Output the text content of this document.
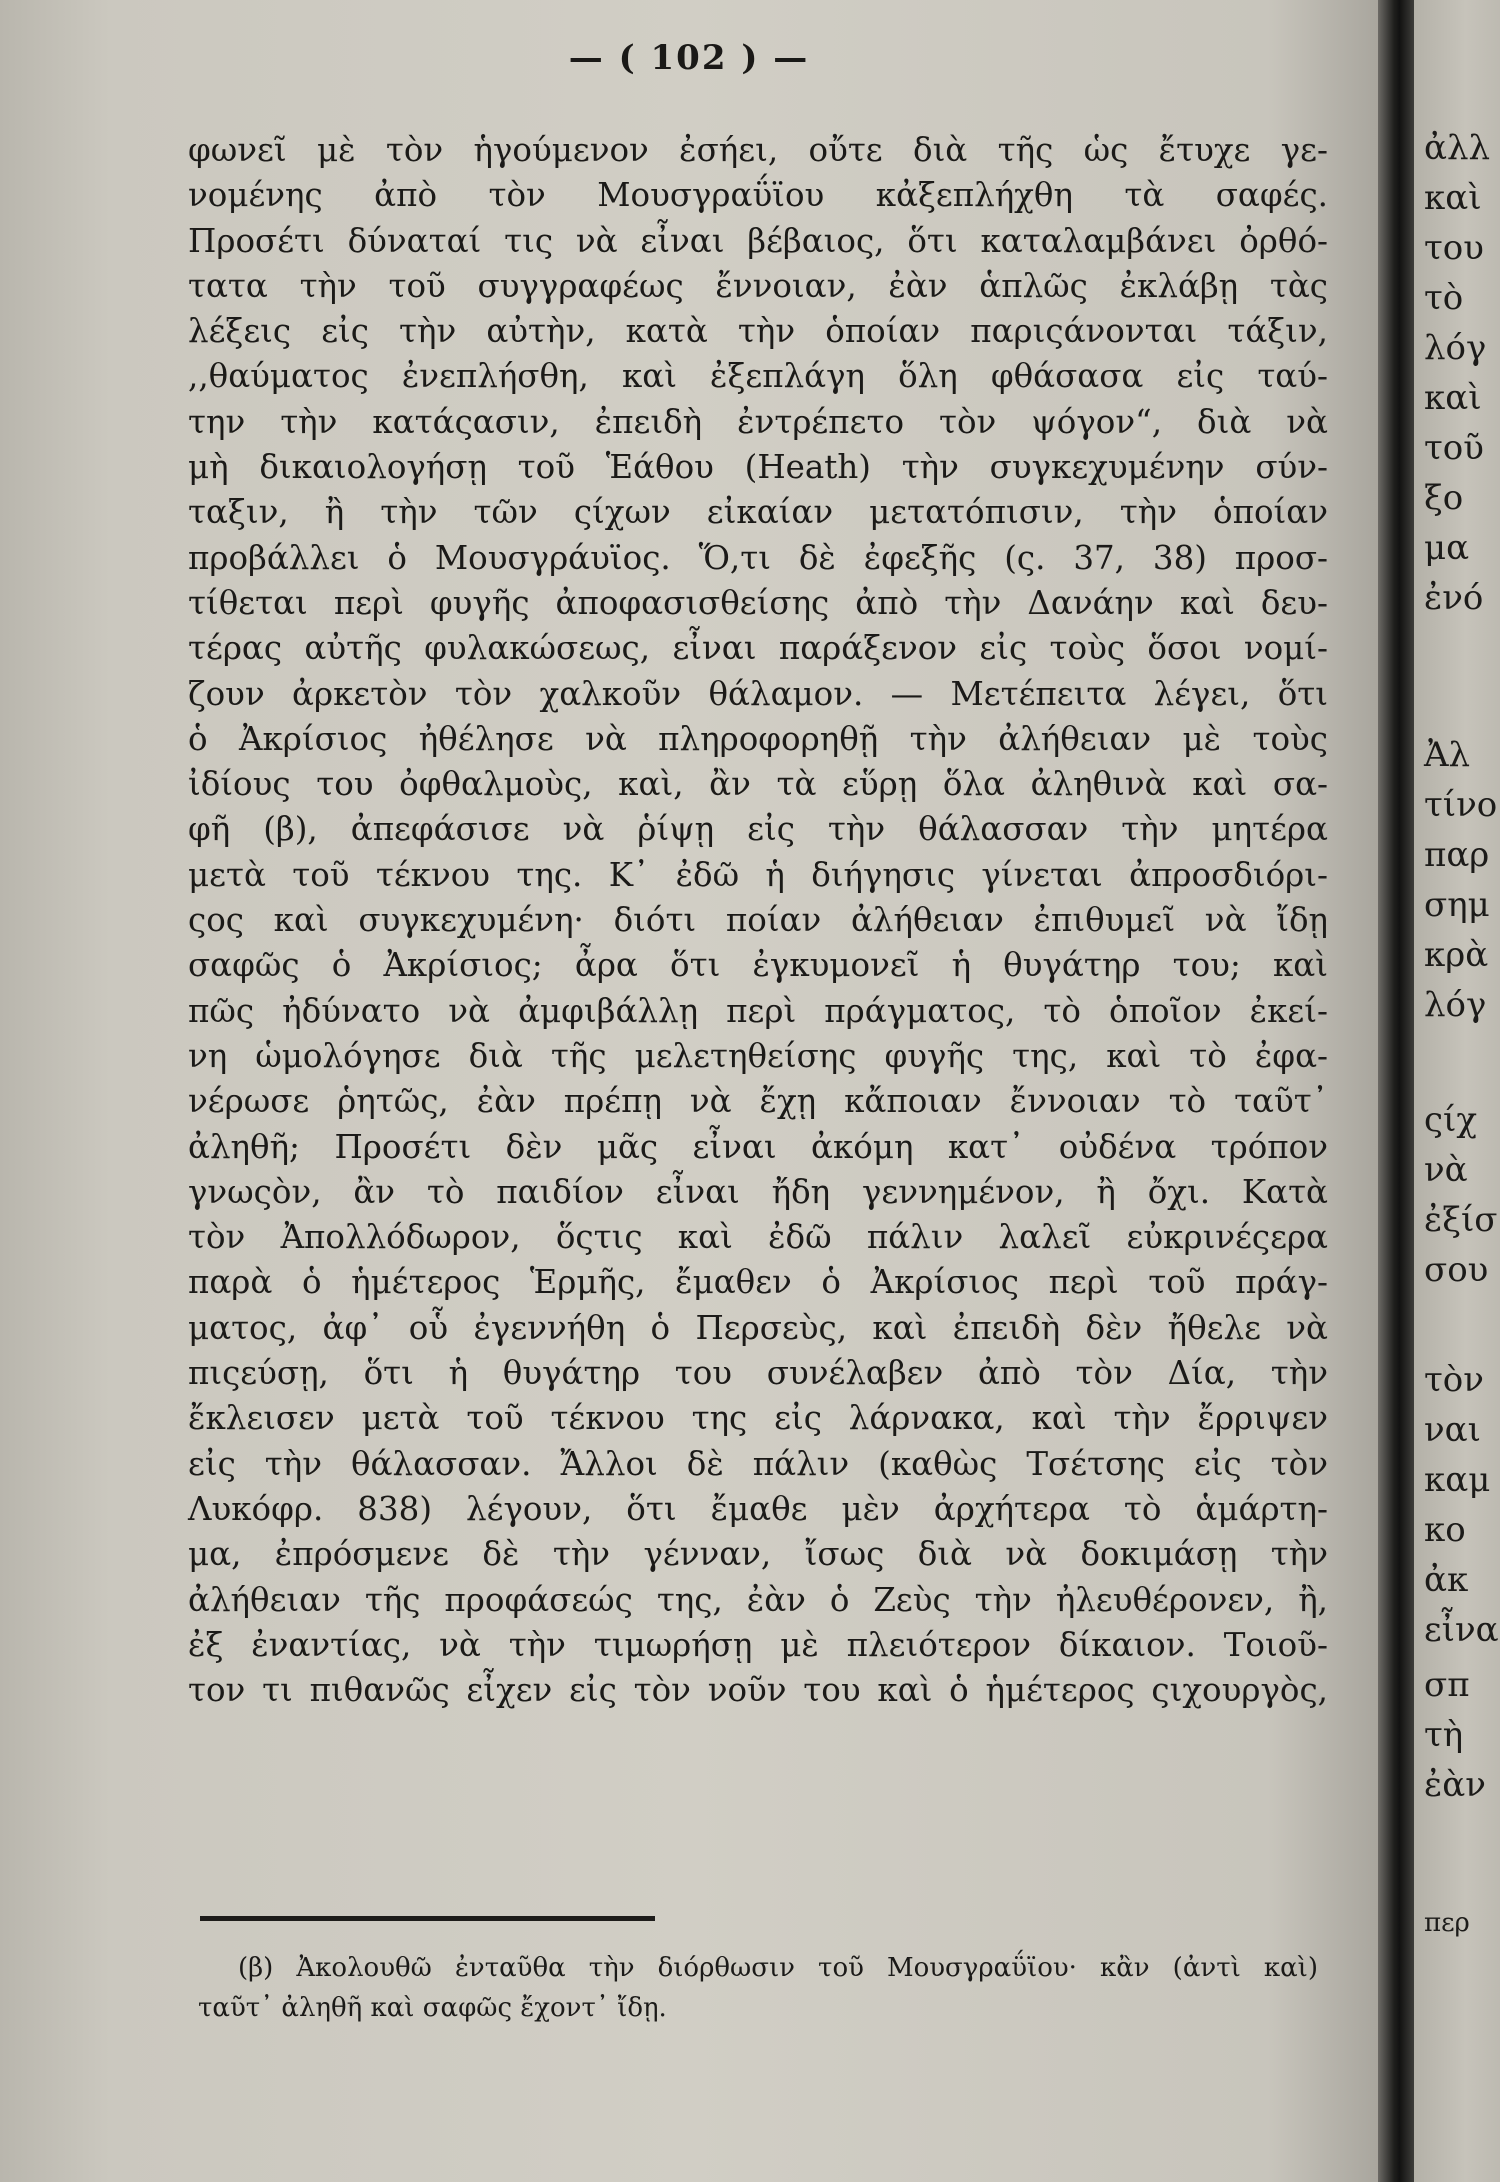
— ( 102 ) —
φωνεῖ μὲ τὸν ἡγούμενον ἐσήει, οὔτε διὰ τῆς ὡς ἔτυχε γε-
νομένης ἀπὸ τὸν Μουσγραΰϊου κἀξεπλήχθη τὰ σαφές.
Προσέτι δύναταί τις νὰ εἶναι βέβαιος, ὅτι καταλαμβάνει ὀρθό-
τατα τὴν τοῦ συγγραφέως ἔννοιαν, ἐὰν ἁπλῶς ἐκλάβῃ τὰς
λέξεις εἰς τὴν αὐτὴν, κατὰ τὴν ὁποίαν παριςάνονται τάξιν,
,,θαύματος ἐνεπλήσθη, καὶ ἐξεπλάγη ὅλη φθάσασα εἰς ταύ-
την τὴν κατάςασιν, ἐπειδὴ ἐντρέπετο τὸν ψόγον“, διὰ νὰ
μὴ δικαιολογήσῃ τοῦ Ἑάθου (Heath) τὴν συγκεχυμένην σύν-
ταξιν, ἢ τὴν τῶν ςίχων εἰκαίαν μετατόπισιν, τὴν ὁποίαν
προβάλλει ὁ Μουσγράυϊος. Ὅ,τι δὲ ἐφεξῆς (ς. 37, 38) προσ-
τίθεται περὶ φυγῆς ἀποφασισθείσης ἀπὸ τὴν Δανάην καὶ δευ-
τέρας αὐτῆς φυλακώσεως, εἶναι παράξενον εἰς τοὺς ὅσοι νομί-
ζουν ἀρκετὸν τὸν χαλκοῦν θάλαμον. — Μετέπειτα λέγει, ὅτι
ὁ Ἀκρίσιος ἠθέλησε νὰ πληροφορηθῇ τὴν ἀλήθειαν μὲ τοὺς
ἰδίους του ὀφθαλμοὺς, καὶ, ἂν τὰ εὕρῃ ὅλα ἀληθινὰ καὶ σα-
φῆ (β), ἀπεφάσισε νὰ ῥίψῃ εἰς τὴν θάλασσαν τὴν μητέρα
μετὰ τοῦ τέκνου της. Κ᾽ ἐδῶ ἡ διήγησις γίνεται ἀπροσδιόρι-
ςος καὶ συγκεχυμένη· διότι ποίαν ἀλήθειαν ἐπιθυμεῖ νὰ ἴδῃ
σαφῶς ὁ Ἀκρίσιος; ἆρα ὅτι ἐγκυμονεῖ ἡ θυγάτηρ του; καὶ
πῶς ἠδύνατο νὰ ἀμφιβάλλῃ περὶ πράγματος, τὸ ὁποῖον ἐκεί-
νη ὡμολόγησε διὰ τῆς μελετηθείσης φυγῆς της, καὶ τὸ ἐφα-
νέρωσε ῥητῶς, ἐὰν πρέπῃ νὰ ἔχῃ κἄποιαν ἔννοιαν τὸ ταῦτ᾽
ἀληθῆ; Προσέτι δὲν μᾶς εἶναι ἀκόμη κατ᾽ οὐδένα τρόπον
γνωςὸν, ἂν τὸ παιδίον εἶναι ἤδη γεννημένον, ἢ ὄχι. Κατὰ
τὸν Ἀπολλόδωρον, ὅςτις καὶ ἐδῶ πάλιν λαλεῖ εὐκρινέςερα
παρὰ ὁ ἡμέτερος Ἑρμῆς, ἔμαθεν ὁ Ἀκρίσιος περὶ τοῦ πράγ-
ματος, ἀφ᾽ οὗ ἐγεννήθη ὁ Περσεὺς, καὶ ἐπειδὴ δὲν ἤθελε νὰ
πιςεύσῃ, ὅτι ἡ θυγάτηρ του συνέλαβεν ἀπὸ τὸν Δία, τὴν
ἔκλεισεν μετὰ τοῦ τέκνου της εἰς λάρνακα, καὶ τὴν ἔρριψεν
εἰς τὴν θάλασσαν. Ἄλλοι δὲ πάλιν (καθὼς Τσέτσης εἰς τὸν
Λυκόφρ. 838) λέγουν, ὅτι ἔμαθε μὲν ἀρχήτερα τὸ ἁμάρτη-
μα, ἐπρόσμενε δὲ τὴν γένναν, ἴσως διὰ νὰ δοκιμάσῃ τὴν
ἀλήθειαν τῆς προφάσεώς της, ἐὰν ὁ Ζεὺς τὴν ἠλευθέρονεν, ἢ,
ἐξ ἐναντίας, νὰ τὴν τιμωρήσῃ μὲ πλειότερον δίκαιον. Τοιοῦ-
τον τι πιθανῶς εἶχεν εἰς τὸν νοῦν του καὶ ὁ ἡμέτερος ςιχουργὸς,
(β) Ἀκολουθῶ ἐνταῦθα τὴν διόρθωσιν τοῦ Μουσγραΰϊου· κἂν (ἀντὶ καὶ)
ταῦτ᾽ ἀληθῆ καὶ σαφῶς ἔχοντ᾽ ἴδῃ.
ἀλλ
καὶ
του
τὸ
λόγ
καὶ
τοῦ
ξο
μα
ἐνό
Ἀλ
τίνο
παρ
σημ
κρὰ
λόγ
ςίχ
νὰ
ἐξίσ
σου
τὸν
ναι
καμ
κο
ἀκ
εἶνα
σπ
τὴ
ἐὰν
περ
